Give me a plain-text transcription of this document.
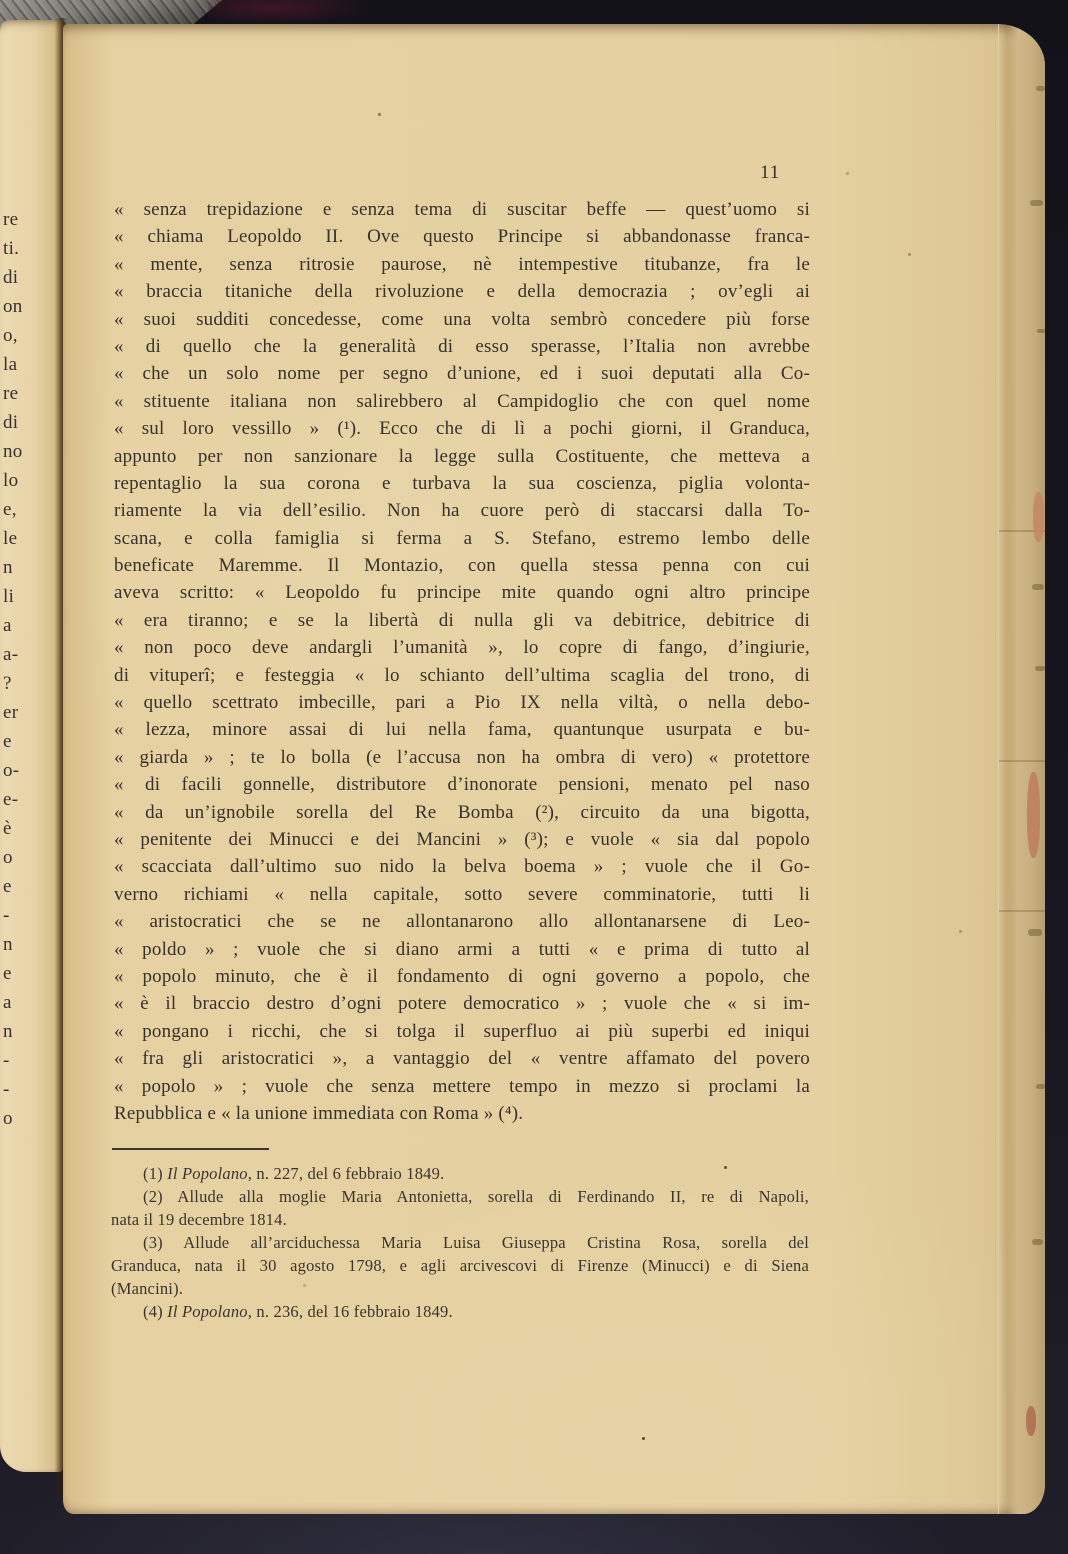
re
ti.
di
on
o,
la
re
di
no
lo
e,
le
n
li
a
a-
?
er
e
o-
e-
è
o
e
-
n
e
a
n
-
-
o
11
« senza trepidazione e senza tema di suscitar beffe — quest’uomo si
« chiama Leopoldo II. Ove questo Principe si abbandonasse franca-
« mente, senza ritrosie paurose, nè intempestive titubanze, fra le
« braccia titaniche della rivoluzione e della democrazia ; ov’egli ai
« suoi sudditi concedesse, come una volta sembrò concedere più forse
« di quello che la generalità di esso sperasse, l’Italia non avrebbe
« che un solo nome per segno d’unione, ed i suoi deputati alla Co-
« stituente italiana non salirebbero al Campidoglio che con quel nome
« sul loro vessillo » (¹). Ecco che di lì a pochi giorni, il Granduca,
appunto per non sanzionare la legge sulla Costituente, che metteva a
repentaglio la sua corona e turbava la sua coscienza, piglia volonta-
riamente la via dell’esilio. Non ha cuore però di staccarsi dalla To-
scana, e colla famiglia si ferma a S. Stefano, estremo lembo delle
beneficate Maremme. Il Montazio, con quella stessa penna con cui
aveva scritto: « Leopoldo fu principe mite quando ogni altro principe
« era tiranno; e se la libertà di nulla gli va debitrice, debitrice di
« non poco deve andargli l’umanità », lo copre di fango, d’ingiurie,
di vituperî; e festeggia « lo schianto dell’ultima scaglia del trono, di
« quello scettrato imbecille, pari a Pio IX nella viltà, o nella debo-
« lezza, minore assai di lui nella fama, quantunque usurpata e bu-
« giarda » ; te lo bolla (e l’accusa non ha ombra di vero) « protettore
« di facili gonnelle, distributore d’inonorate pensioni, menato pel naso
« da un’ignobile sorella del Re Bomba (²), circuito da una bigotta,
« penitente dei Minucci e dei Mancini » (³); e vuole « sia dal popolo
« scacciata dall’ultimo suo nido la belva boema » ; vuole che il Go-
verno richiami « nella capitale, sotto severe comminatorie, tutti li
« aristocratici che se ne allontanarono allo allontanarsene di Leo-
« poldo » ; vuole che si diano armi a tutti « e prima di tutto al
« popolo minuto, che è il fondamento di ogni governo a popolo, che
« è il braccio destro d’ogni potere democratico » ; vuole che « si im-
« pongano i ricchi, che si tolga il superfluo ai più superbi ed iniqui
« fra gli aristocratici », a vantaggio del « ventre affamato del povero
« popolo » ; vuole che senza mettere tempo in mezzo si proclami la
Repubblica e « la unione immediata con Roma » (⁴).
(1) Il Popolano, n. 227, del 6 febbraio 1849.
(2) Allude alla moglie Maria Antonietta, sorella di Ferdinando II, re di Napoli,
nata il 19 decembre 1814.
(3) Allude all’arciduchessa Maria Luisa Giuseppa Cristina Rosa, sorella del
Granduca, nata il 30 agosto 1798, e agli arcivescovi di Firenze (Minucci) e di Siena
(Mancini).
(4) Il Popolano, n. 236, del 16 febbraio 1849.
